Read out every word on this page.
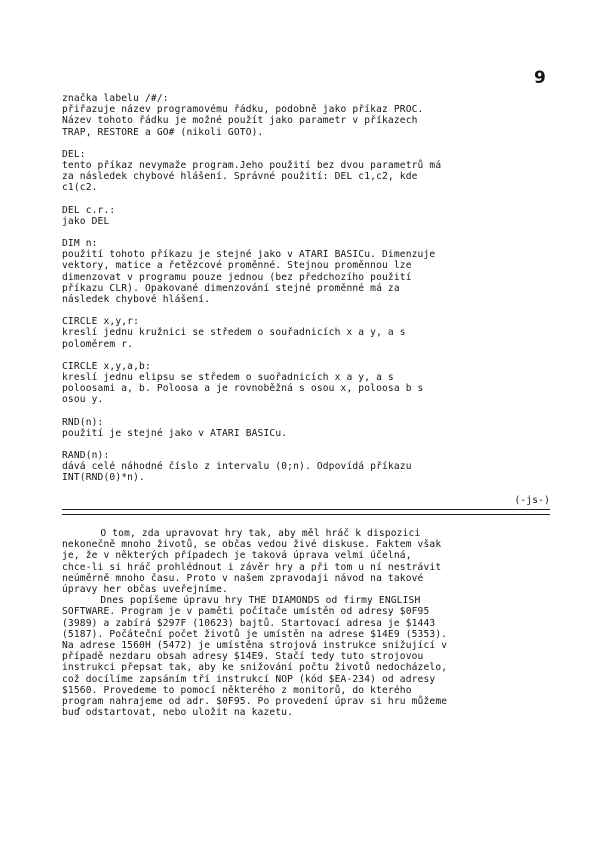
9
značka labelu /#/:
přiřazuje název programovému řádku, podobně jako příkaz PROC.
Název tohoto řádku je možné použít jako parametr v příkazech
TRAP, RESTORE a GO# (nikoli GOTO).
DEL:
tento příkaz nevymaže program.Jeho použití bez dvou parametrů má
za následek chybové hlášení. Správné použití: DEL c1,c2, kde
c1(c2.
DEL c.r.:
jako DEL
DIM n:
použití tohoto příkazu je stejné jako v ATARI BASICu. Dimenzuje
vektory, matice a řetězcové proměnné. Stejnou proměnnou lze
dimenzovat v programu pouze jednou (bez předchozího použití
příkazu CLR). Opakované dimenzování stejné proměnné má za
následek chybové hlášení.
CIRCLE x,y,r:
kreslí jednu kružnici se středem o souřadnicích x a y, a s
poloměrem r.
CIRCLE x,y,a,b:
kreslí jednu elipsu se středem o suořadnicích x a y, a s
poloosami a, b. Poloosa a je rovnoběžná s osou x, poloosa b s
osou y.
RND(n):
použití je stejné jako v ATARI BASICu.
RAND(n):
dává celé náhodné číslo z intervalu (0;n). Odpovídá příkazu
INT(RND(0)*n).
(-js-)

O tom, zda upravovat hry tak, aby měl hráč k dispozici
nekonečně mnoho životů, se občas vedou živé diskuse. Faktem však
je, že v některých případech je taková úprava velmi účelná,
chce-li si hráč prohlédnout i závěr hry a při tom u ní nestrávit
neúměrně mnoho času. Proto v našem zpravodaji návod na takové
úpravy her občas uveřejníme.

Dnes popíšeme úpravu hry THE DIAMONDS od firmy ENGLISH
SOFTWARE. Program je v paměti počítače umístěn od adresy $0F95
(3989) a zabírá $297F (10623) bajtů. Startovací adresa je $1443
(5187). Počáteční počet životů je umístěn na adrese $14E9 (5353).
Na adrese 1560H (5472) je umístěna strojová instrukce snižující v
případě nezdaru obsah adresy $14E9. Stačí tedy tuto strojovou
instrukci přepsat tak, aby ke snižování počtu životů nedocházelo,
což docílíme zapsáním tří instrukcí NOP (kód $EA-234) od adresy
$1560. Provedeme to pomocí některého z monitorů, do kterého
program nahrajeme od adr. $0F95. Po provedení úprav si hru můžeme
buď odstartovat, nebo uložit na kazetu.
